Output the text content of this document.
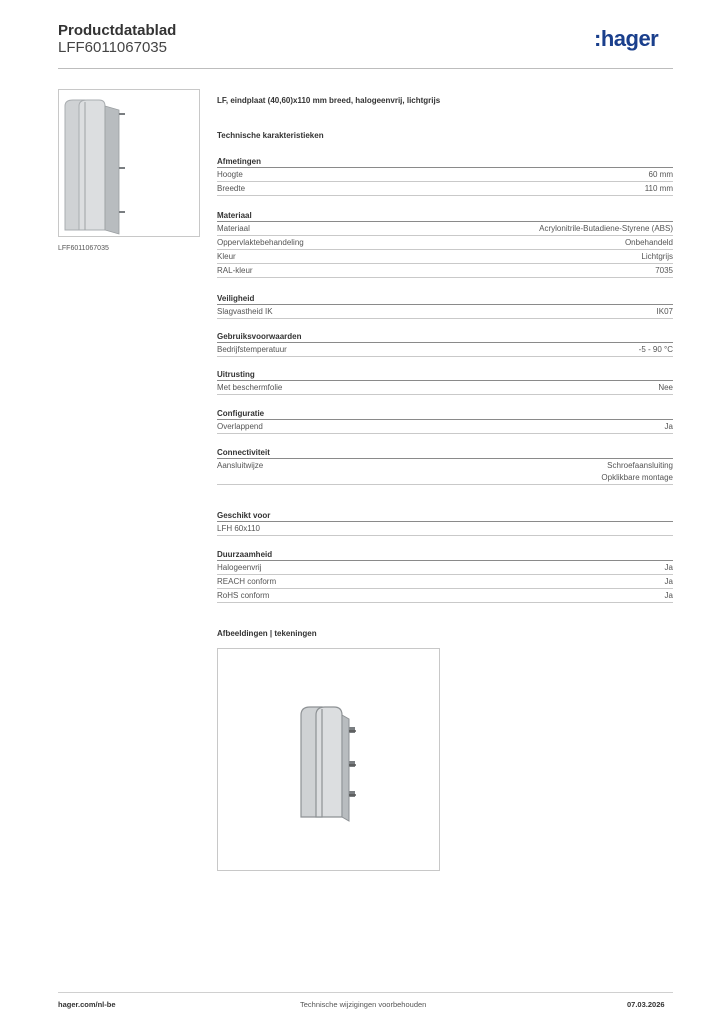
Productdatablad
LFF6011067035	:hager
LFF6011067035
LF, eindplaat (40,60)x110 mm breed, halogeenvrij, lichtgrijs
Technische karakteristieken
Afmetingen
Hoogte	60 mm
Breedte	110 mm
Materiaal
Materiaal	Acrylonitrile-Butadiene-Styrene (ABS)
Oppervlaktebehandeling	Onbehandeld
Kleur	Lichtgrijs
RAL-kleur	7035
Veiligheid
Slagvastheid IK	IK07
Gebruiksvoorwaarden
Bedrijfstemperatuur	-5 - 90 °C
Uitrusting
Met beschermfolie	Nee
Configuratie
Overlappend	Ja
Connectiviteit
Aansluitwijze	Schroefaansluiting
Opklikbare montage
Geschikt voor
LFH 60x110
Duurzaamheid
Halogeenvrij	Ja
REACH conform	Ja
RoHS conform	Ja
Afbeeldingen | tekeningen
hager.com/nl-be	Technische wijzigingen voorbehouden	07.03.2026
